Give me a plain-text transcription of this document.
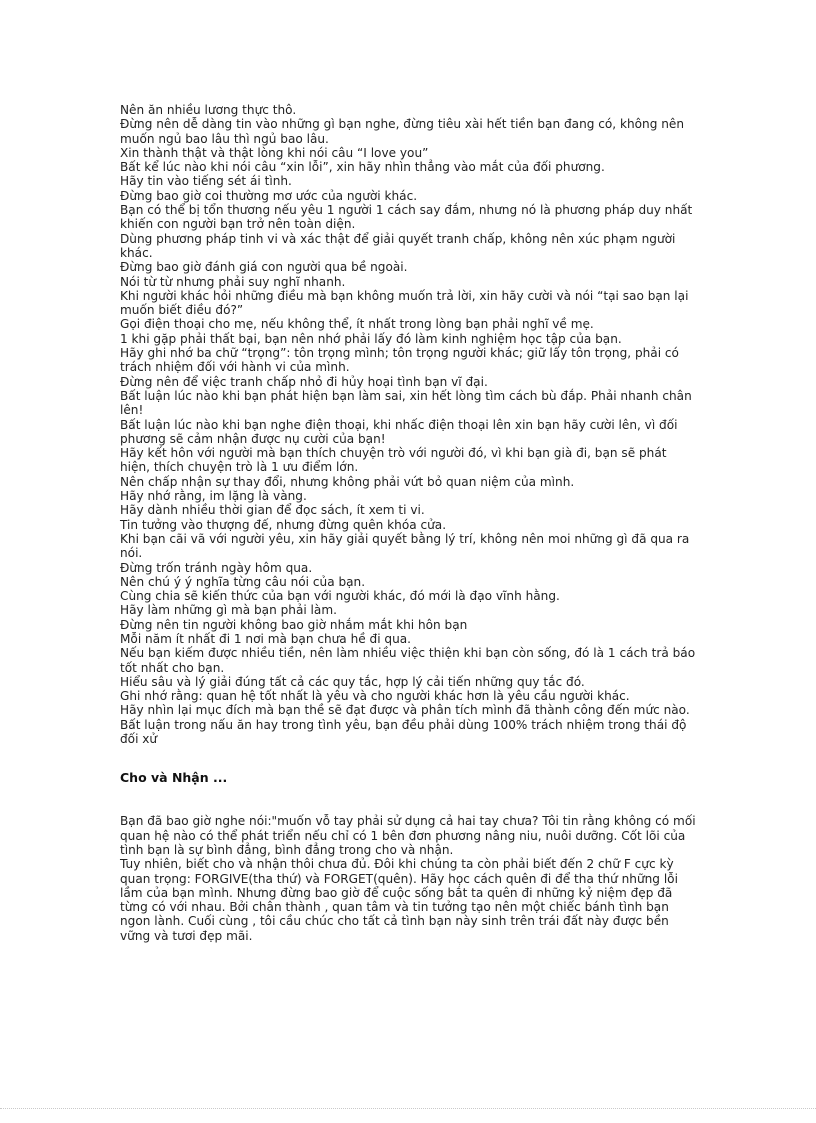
Nên ăn nhiều lương thực thô.

Đừng nên dễ dàng tin vào những gì bạn nghe, đừng tiêu xài hết tiền bạn đang có, không nên muốn ngủ bao lâu thì ngủ bao lâu.

Xin thành thật và thật lòng khi nói câu “I love you”

Bất kể lúc nào khi nói câu “xin lỗi”, xin hãy nhìn thẳng vào mắt của đối phương.

Hãy tin vào tiếng sét ái tình.

Đừng bao giờ coi thường mơ ước của người khác.

Bạn có thể bị tổn thương nếu yêu 1 người 1 cách say đắm, nhưng nó là phương pháp duy nhất khiến con người bạn trở nên toàn diện.

Dùng phương pháp tinh vi và xác thật để giải quyết tranh chấp, không nên xúc phạm người khác.

Đừng bao giờ đánh giá con người qua bề ngoài.

Nói từ từ nhưng phải suy nghĩ nhanh.

Khi người khác hỏi những điều mà bạn không muốn trả lời, xin hãy cười và nói “tại sao bạn lại muốn biết điều đó?”

Gọi điện thoại cho mẹ, nếu không thể, ít nhất trong lòng bạn phải nghĩ về mẹ.

1 khi gặp phải thất bại, bạn nên nhớ phải lấy đó làm kinh nghiệm học tập của bạn.

Hãy ghi nhớ ba chữ “trọng”: tôn trọng mình; tôn trọng người khác; giữ lấy tôn trọng, phải có trách nhiệm đối với hành vi của mình.

Đừng nên để việc tranh chấp nhỏ đi hủy hoại tình bạn vĩ đại.

Bất luận lúc nào khi bạn phát hiện bạn làm sai, xin hết lòng tìm cách bù đắp. Phải nhanh chân lên!

Bất luận lúc nào khi bạn nghe điện thoại, khi nhấc điện thoại lên xin bạn hãy cười lên, vì đối phương sẽ cảm nhận được nụ cười của bạn!

Hãy kết hôn với người mà bạn thích chuyện trò với người đó, vì khi bạn già đi, bạn sẽ phát hiện, thích chuyện trò là 1 ưu điểm lớn.

Nên chấp nhận sự thay đổi, nhưng không phải vứt bỏ quan niệm của mình.

Hãy nhớ rằng, im lặng là vàng.

Hãy dành nhiều thời gian để đọc sách, ít xem ti vi.

Tin tưởng vào thượng đế, nhưng đừng quên khóa cửa.

Khi bạn cãi vã với người yêu, xin hãy giải quyết bằng lý trí, không nên moi những gì đã qua ra nói.

Đừng trốn tránh ngày hôm qua.

Nên chú ý ý nghĩa từng câu nói của bạn.

Cùng chia sẽ kiến thức của bạn với người khác, đó mới là đạo vĩnh hằng.

Hãy làm những gì mà bạn phải làm.

Đừng nên tin người không bao giờ nhắm mắt khi hôn bạn

Mỗi năm ít nhất đi 1 nơi mà bạn chưa hề đi qua.

Nếu bạn kiếm được nhiều tiền, nên làm nhiều việc thiện khi bạn còn sống, đó là 1 cách trả báo tốt nhất cho bạn.

Hiểu sâu và lý giải đúng tất cả các quy tắc, hợp lý cải tiến những quy tắc đó.

Ghi nhớ rằng: quan hệ tốt nhất là yêu và cho người khác hơn là yêu cầu người khác.

Hãy nhìn lại mục đích mà bạn thề sẽ đạt được và phân tích mình đã thành công đến mức nào.

Bất luận trong nấu ăn hay trong tình yêu, bạn đều phải dùng 100% trách nhiệm trong thái độ đối xử

Cho và Nhận ...

Bạn đã bao giờ nghe nói:"muốn vỗ tay phải sử dụng cả hai tay chưa? Tôi tin rằng không có mối quan hệ nào có thể phát triển nếu chỉ có 1 bên đơn phương nâng niu, nuôi dưỡng. Cốt lõi của tình bạn là sự bình đẳng, bình đẳng trong cho và nhận.

Tuy nhiên, biết cho và nhận thôi chưa đủ. Đôi khi chúng ta còn phải biết đến 2 chữ F cực kỳ quan trọng: FORGIVE(tha thứ) và FORGET(quên). Hãy học cách quên đi để tha thứ những lỗi lầm của bạn mình. Nhưng đừng bao giờ để cuộc sống bắt ta quên đi những kỷ niệm đẹp đã từng có với nhau. Bởi chân thành , quan tâm và tin tưởng tạo nên một chiếc bánh tình bạn ngon lành. Cuối cùng , tôi cầu chúc cho tất cả tình bạn này sinh trên trái đất này được bền vững và tươi đẹp mãi.
